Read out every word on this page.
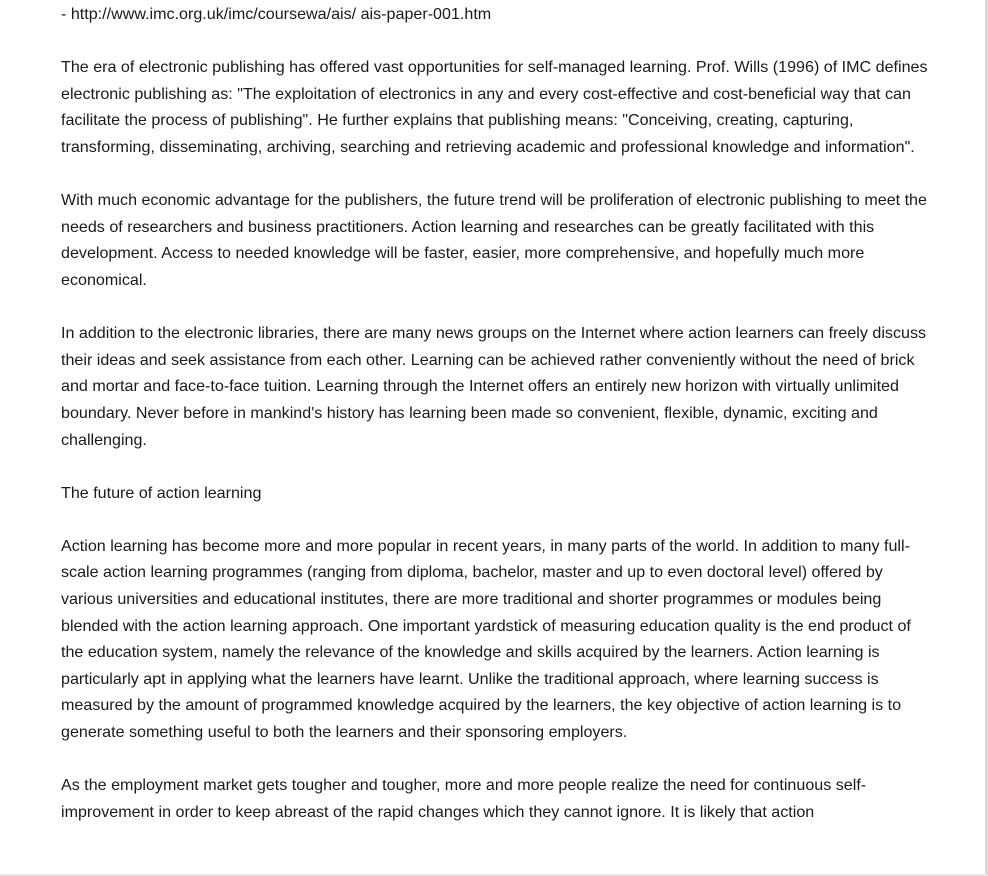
- http://www.imc.org.uk/imc/coursewa/ais/ ais-paper-001.htm

The era of electronic publishing has offered vast opportunities for self-managed learning. Prof. Wills (1996) of IMC defines electronic publishing as: "The exploitation of electronics in any and every cost-effective and cost-beneficial way that can facilitate the process of publishing". He further explains that publishing means: "Conceiving, creating, capturing, transforming, disseminating, archiving, searching and retrieving academic and professional knowledge and information".

With much economic advantage for the publishers, the future trend will be proliferation of electronic publishing to meet the needs of researchers and business practitioners. Action learning and researches can be greatly facilitated with this development. Access to needed knowledge will be faster, easier, more comprehensive, and hopefully much more economical.

In addition to the electronic libraries, there are many news groups on the Internet where action learners can freely discuss their ideas and seek assistance from each other. Learning can be achieved rather conveniently without the need of brick and mortar and face-to-face tuition. Learning through the Internet offers an entirely new horizon with virtually unlimited boundary. Never before in mankind's history has learning been made so convenient, flexible, dynamic, exciting and challenging.

The future of action learning

Action learning has become more and more popular in recent years, in many parts of the world. In addition to many full-scale action learning programmes (ranging from diploma, bachelor, master and up to even doctoral level) offered by various universities and educational institutes, there are more traditional and shorter programmes or modules being blended with the action learning approach. One important yardstick of measuring education quality is the end product of the education system, namely the relevance of the knowledge and skills acquired by the learners. Action learning is particularly apt in applying what the learners have learnt. Unlike the traditional approach, where learning success is measured by the amount of programmed knowledge acquired by the learners, the key objective of action learning is to generate something useful to both the learners and their sponsoring employers.

As the employment market gets tougher and tougher, more and more people realize the need for continuous self-improvement in order to keep abreast of the rapid changes which they cannot ignore. It is likely that action
